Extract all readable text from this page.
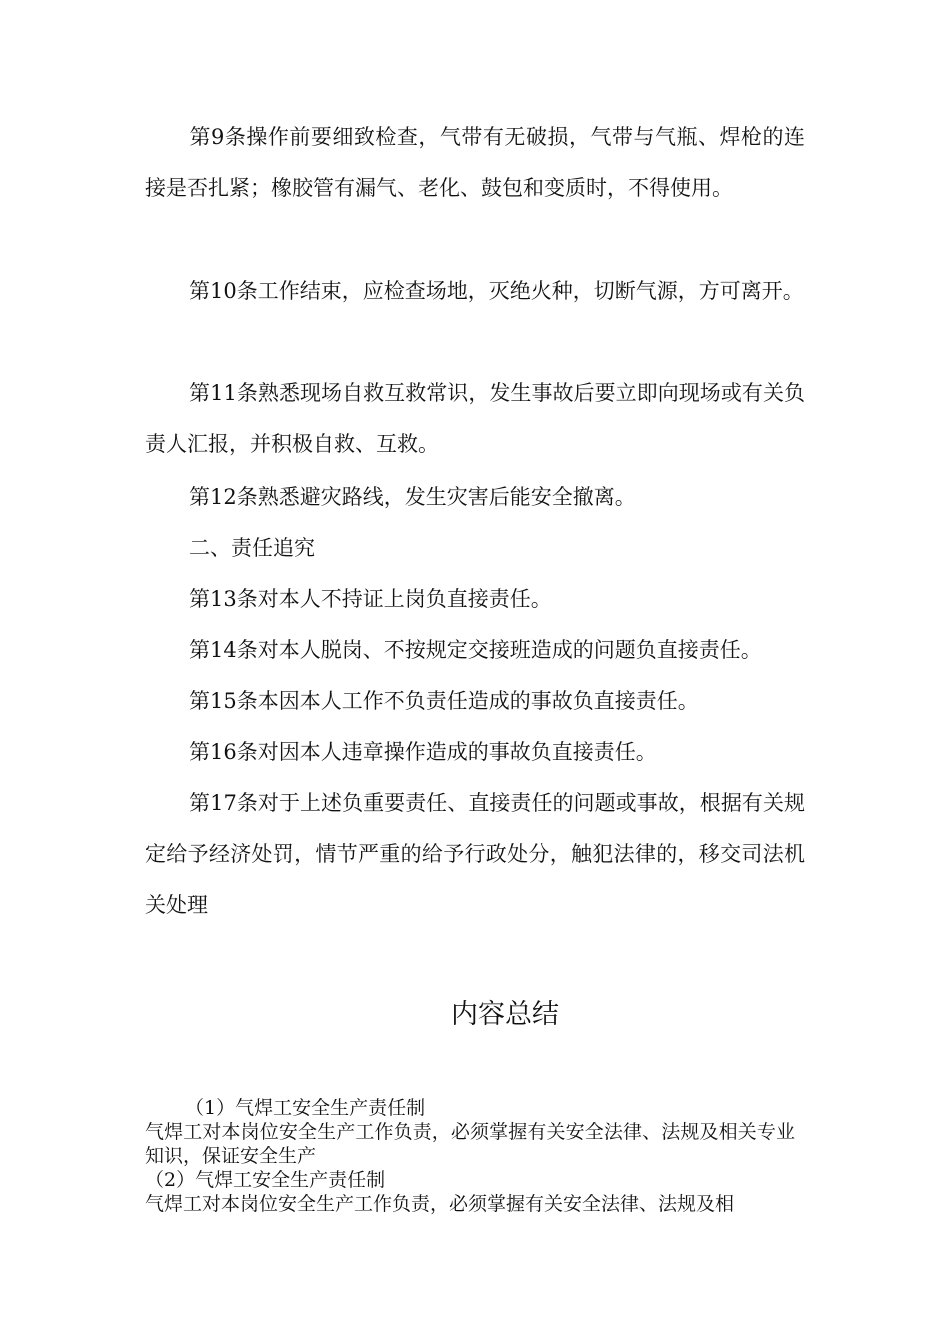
第9条操作前要细致检查，气带有无破损，气带与气瓶、焊枪的连接是否扎紧；橡胶管有漏气、老化、鼓包和变质时，不得使用。

第10条工作结束，应检查场地，灭绝火种，切断气源，方可离开。

第11条熟悉现场自救互救常识，发生事故后要立即向现场或有关负责人汇报，并积极自救、互救。

第12条熟悉避灾路线，发生灾害后能安全撤离。

二、责任追究

第13条对本人不持证上岗负直接责任。

第14条对本人脱岗、不按规定交接班造成的问题负直接责任。

第15条本因本人工作不负责任造成的事故负直接责任。

第16条对因本人违章操作造成的事故负直接责任。

第17条对于上述负重要责任、直接责任的问题或事故，根据有关规定给予经济处罚，情节严重的给予行政处分，触犯法律的，移交司法机关处理

内容总结
（1）气焊工安全生产责任制
气焊工对本岗位安全生产工作负责，必须掌握有关安全法律、法规及相关专业知识，保证安全生产
（2）气焊工安全生产责任制
气焊工对本岗位安全生产工作负责，必须掌握有关安全法律、法规及相
